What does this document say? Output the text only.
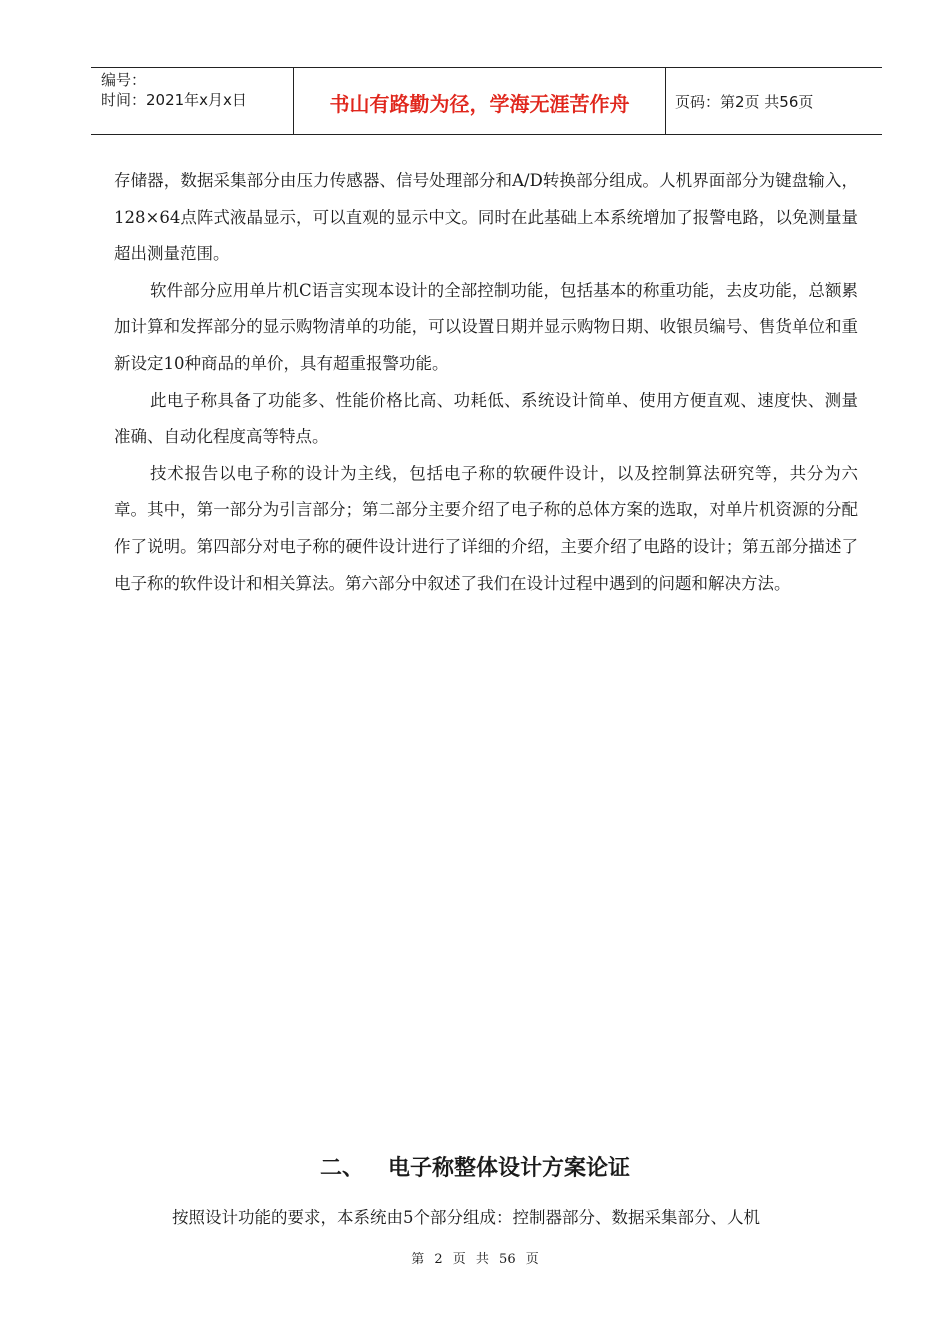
编号：
时间：2021年x月x日	书山有路勤为径，学海无涯苦作舟	页码：第2页 共56页

存储器，数据采集部分由压力传感器、信号处理部分和A/D转换部分组成。人机界面部分为键盘输入，128×64点阵式液晶显示，可以直观的显示中文。同时在此基础上本系统增加了报警电路，以免测量量超出测量范围。

软件部分应用单片机C语言实现本设计的全部控制功能，包括基本的称重功能，去皮功能，总额累加计算和发挥部分的显示购物清单的功能，可以设置日期并显示购物日期、收银员编号、售货单位和重新设定10种商品的单价，具有超重报警功能。

此电子称具备了功能多、性能价格比高、功耗低、系统设计简单、使用方便直观、速度快、测量准确、自动化程度高等特点。

技术报告以电子称的设计为主线，包括电子称的软硬件设计，以及控制算法研究等，共分为六章。其中，第一部分为引言部分；第二部分主要介绍了电子称的总体方案的选取，对单片机资源的分配作了说明。第四部分对电子称的硬件设计进行了详细的介绍，主要介绍了电路的设计；第五部分描述了电子称的软件设计和相关算法。第六部分中叙述了我们在设计过程中遇到的问题和解决方法。

二、 电子称整体设计方案论证

按照设计功能的要求，本系统由5个部分组成：控制器部分、数据采集部分、人机

第 2 页 共 56 页
